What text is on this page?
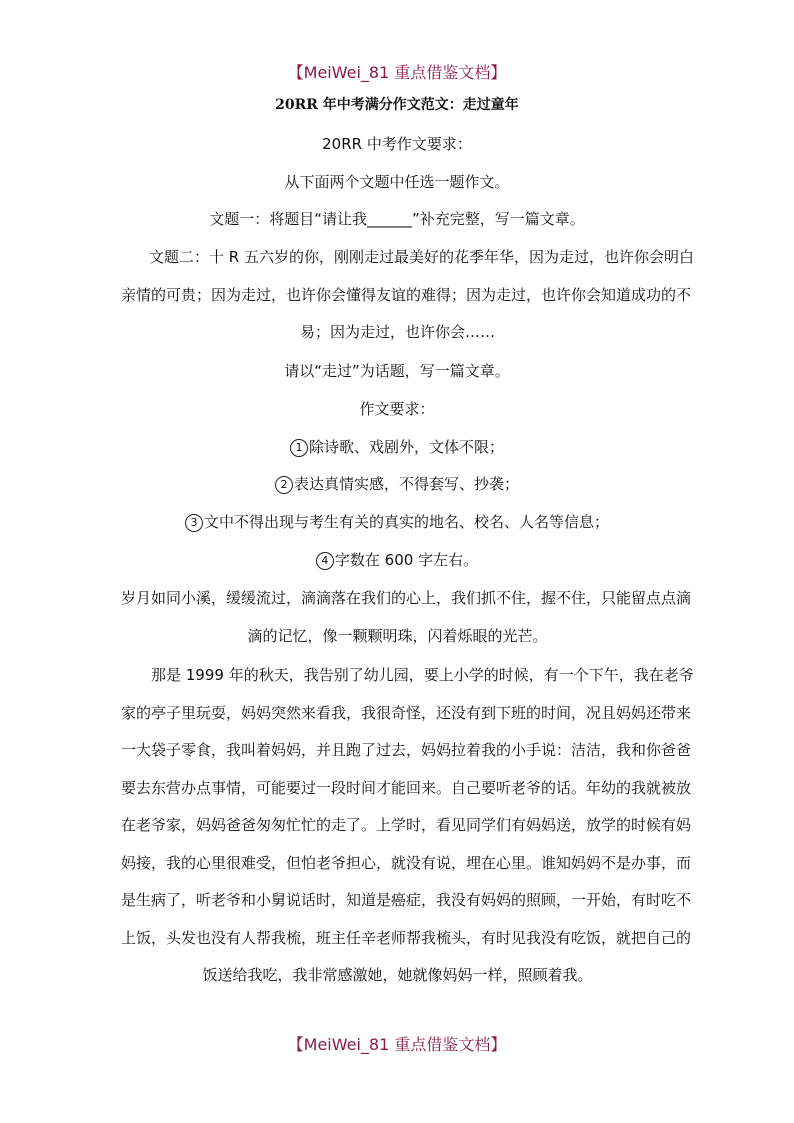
【MeiWei_81 重点借鉴文档】
20RR 年中考满分作文范文：走过童年
20RR 中考作文要求：
从下面两个文题中任选一题作文。
文题一：将题目“请让我______”补充完整，写一篇文章。
文题二：十 R 五六岁的你，刚刚走过最美好的花季年华，因为走过，也许你会明白
亲情的可贵；因为走过，也许你会懂得友谊的难得；因为走过，也许你会知道成功的不
易；因为走过，也许你会……
请以“走过”为话题，写一篇文章。
作文要求：
1 除诗歌、戏剧外，文体不限；
2 表达真情实感，不得套写、抄袭；
3 文中不得出现与考生有关的真实的地名、校名、人名等信息；
4 字数在 600 字左右。
岁月如同小溪，缓缓流过，滴滴落在我们的心上，我们抓不住，握不住，只能留点点滴
滴的记忆，像一颗颗明珠，闪着烁眼的光芒。
那是 1999 年的秋天，我告别了幼儿园，要上小学的时候，有一个下午，我在老爷
家的亭子里玩耍，妈妈突然来看我，我很奇怪，还没有到下班的时间，况且妈妈还带来
一大袋子零食，我叫着妈妈，并且跑了过去，妈妈拉着我的小手说：洁洁，我和你爸爸
要去东营办点事情，可能要过一段时间才能回来。自己要听老爷的话。年幼的我就被放
在老爷家，妈妈爸爸匆匆忙忙的走了。上学时，看见同学们有妈妈送，放学的时候有妈
妈接，我的心里很难受，但怕老爷担心，就没有说，埋在心里。谁知妈妈不是办事，而
是生病了，听老爷和小舅说话时，知道是癌症，我没有妈妈的照顾，一开始，有时吃不
上饭，头发也没有人帮我梳，班主任辛老师帮我梳头，有时见我没有吃饭，就把自己的
饭送给我吃，我非常感激她，她就像妈妈一样，照顾着我。
【MeiWei_81 重点借鉴文档】
